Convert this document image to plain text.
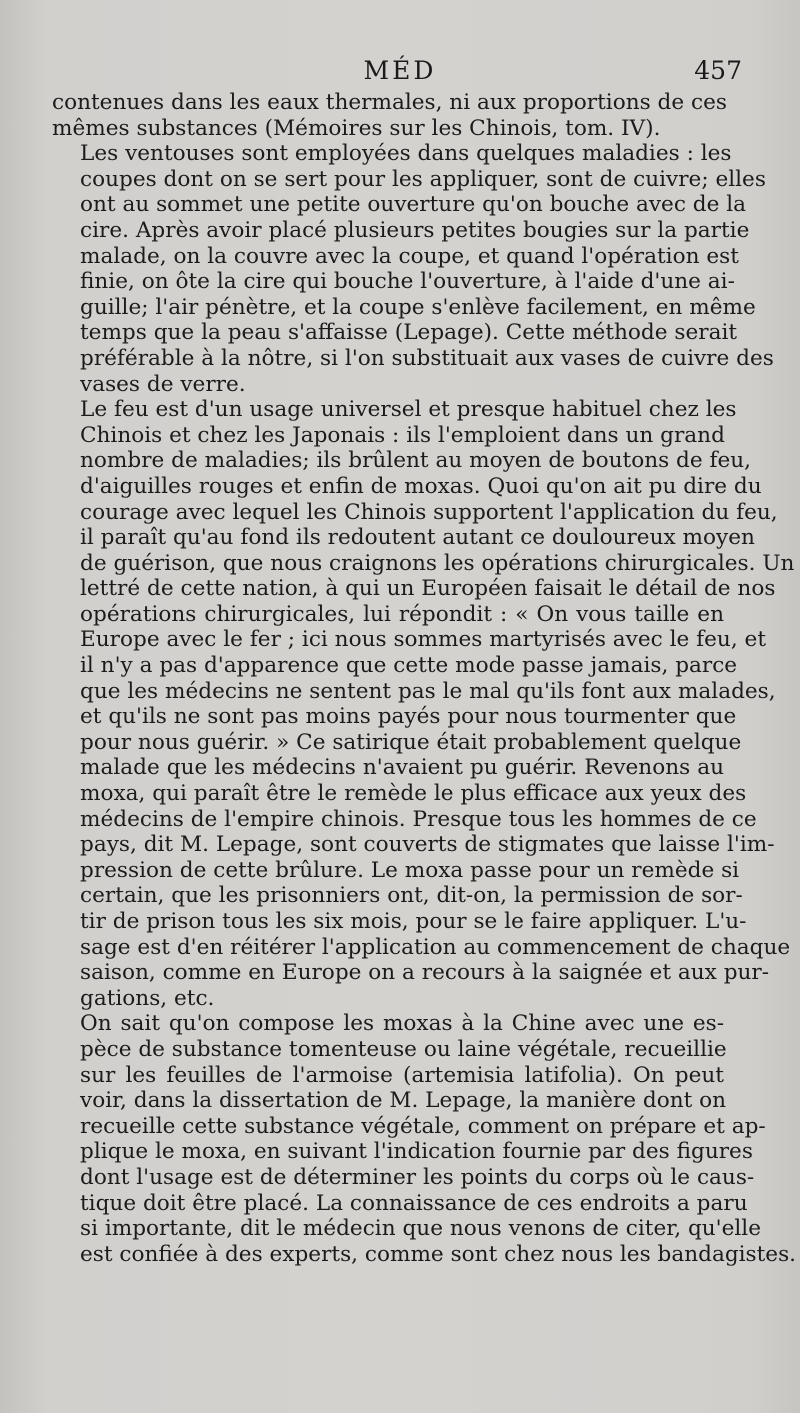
MÉD	457

contenues dans les eaux thermales, ni aux proportions de ces
mêmes substances (Mémoires sur les Chinois, tom. IV).

Les ventouses sont employées dans quelques maladies : les
coupes dont on se sert pour les appliquer, sont de cuivre; elles
ont au sommet une petite ouverture qu'on bouche avec de la
cire. Après avoir placé plusieurs petites bougies sur la partie
malade, on la couvre avec la coupe, et quand l'opération est
finie, on ôte la cire qui bouche l'ouverture, à l'aide d'une ai-
guille; l'air pénètre, et la coupe s'enlève facilement, en même
temps que la peau s'affaisse (Lepage). Cette méthode serait
préférable à la nôtre, si l'on substituait aux vases de cuivre des
vases de verre.

Le feu est d'un usage universel et presque habituel chez les
Chinois et chez les Japonais : ils l'emploient dans un grand
nombre de maladies; ils brûlent au moyen de boutons de feu,
d'aiguilles rouges et enfin de moxas. Quoi qu'on ait pu dire du
courage avec lequel les Chinois supportent l'application du feu,
il paraît qu'au fond ils redoutent autant ce douloureux moyen
de guérison, que nous craignons les opérations chirurgicales. Un
lettré de cette nation, à qui un Européen faisait le détail de nos
opérations chirurgicales, lui répondit : « On vous taille en
Europe avec le fer ; ici nous sommes martyrisés avec le feu, et
il n'y a pas d'apparence que cette mode passe jamais, parce
que les médecins ne sentent pas le mal qu'ils font aux malades,
et qu'ils ne sont pas moins payés pour nous tourmenter que
pour nous guérir. » Ce satirique était probablement quelque
malade que les médecins n'avaient pu guérir. Revenons au
moxa, qui paraît être le remède le plus efficace aux yeux des
médecins de l'empire chinois. Presque tous les hommes de ce
pays, dit M. Lepage, sont couverts de stigmates que laisse l'im-
pression de cette brûlure. Le moxa passe pour un remède si
certain, que les prisonniers ont, dit-on, la permission de sor-
tir de prison tous les six mois, pour se le faire appliquer. L'u-
sage est d'en réitérer l'application au commencement de chaque
saison, comme en Europe on a recours à la saignée et aux pur-
gations, etc.

On sait qu'on compose les moxas à la Chine avec une es-
pèce de substance tomenteuse ou laine végétale, recueillie
sur les feuilles de l'armoise (artemisia latifolia). On peut
voir, dans la dissertation de M. Lepage, la manière dont on
recueille cette substance végétale, comment on prépare et ap-
plique le moxa, en suivant l'indication fournie par des figures
dont l'usage est de déterminer les points du corps où le caus-
tique doit être placé. La connaissance de ces endroits a paru
si importante, dit le médecin que nous venons de citer, qu'elle
est confiée à des experts, comme sont chez nous les bandagistes.
